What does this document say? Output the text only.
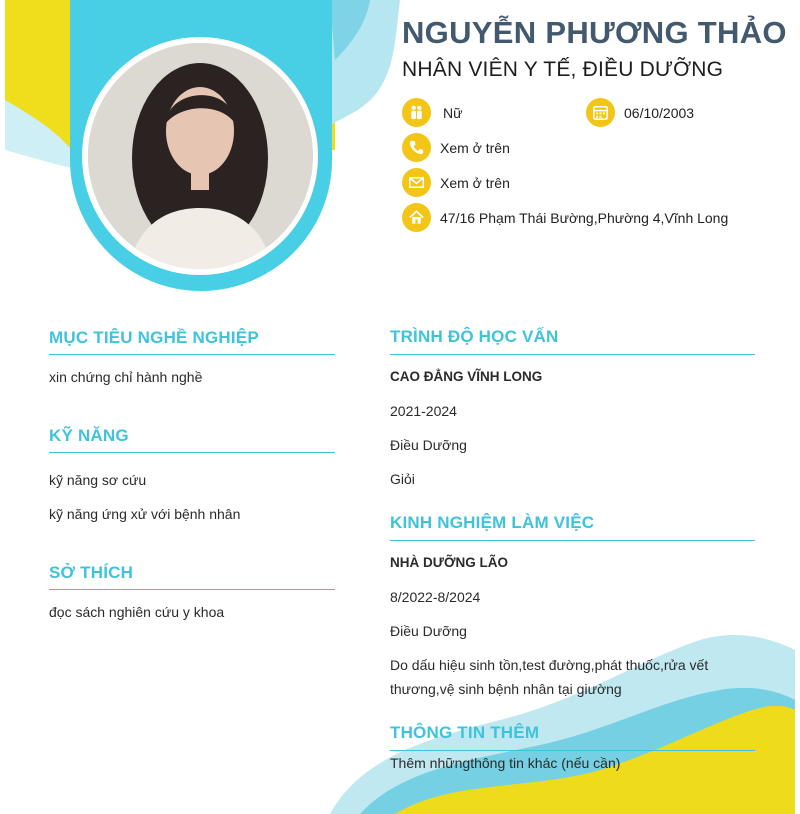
NGUYỄN PHƯƠNG THẢO

NHÂN VIÊN Y TẾ, ĐIỀU DƯỠNG

Nữ	06/10/2003
Xem ở trên
Xem ở trên
47/16 Phạm Thái Bường,Phường 4,Vĩnh Long
MỤC TIÊU NGHỀ NGHIỆP
xin chứng chỉ hành nghề
KỸ NĂNG
kỹ năng sơ cứu
kỹ năng ứng xử với bệnh nhân
SỞ THÍCH
đọc sách nghiên cứu y khoa
TRÌNH ĐỘ HỌC VẤN
CAO ĐẲNG VĨNH LONG
2021-2024
Điều Dưỡng
Giỏi
KINH NGHIỆM LÀM VIỆC
NHÀ DƯỠNG LÃO
8/2022-8/2024
Điều Dưỡng
Do dấu hiệu sinh tồn,test đường,phát thuốc,rửa vết
thương,vệ sinh bệnh nhân tại giường
THÔNG TIN THÊM
Thêm nhữngthông tin khác (nếu cần)
